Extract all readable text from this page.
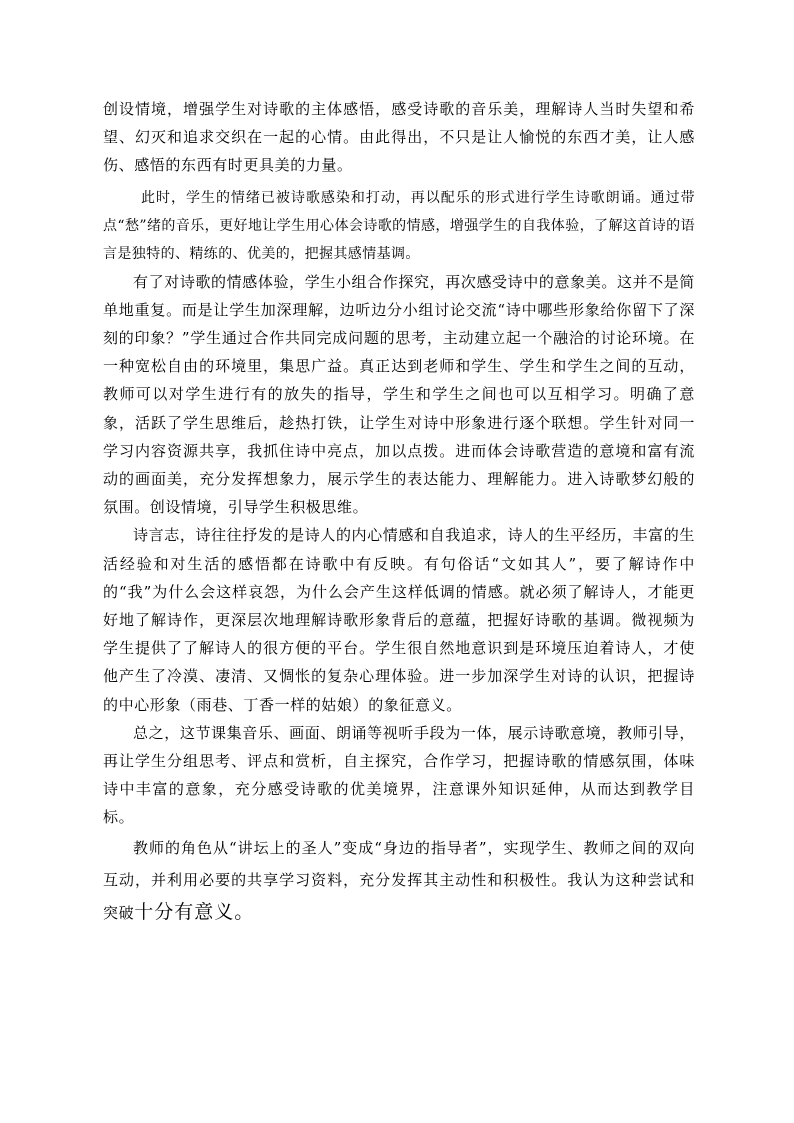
创设情境，增强学生对诗歌的主体感悟，感受诗歌的音乐美，理解诗人当时失望和希望、幻灭和追求交织在一起的心情。由此得出，不只是让人愉悦的东西才美，让人感伤、感悟的东西有时更具美的力量。

此时，学生的情绪已被诗歌感染和打动，再以配乐的形式进行学生诗歌朗诵。通过带点“愁”绪的音乐，更好地让学生用心体会诗歌的情感，增强学生的自我体验，了解这首诗的语言是独特的、精练的、优美的，把握其感情基调。

有了对诗歌的情感体验，学生小组合作探究，再次感受诗中的意象美。这并不是简单地重复。而是让学生加深理解，边听边分小组讨论交流“诗中哪些形象给你留下了深刻的印象？”学生通过合作共同完成问题的思考，主动建立起一个融洽的讨论环境。在一种宽松自由的环境里，集思广益。真正达到老师和学生、学生和学生之间的互动，教师可以对学生进行有的放失的指导，学生和学生之间也可以互相学习。明确了意象，活跃了学生思维后，趁热打铁，让学生对诗中形象进行逐个联想。学生针对同一学习内容资源共享，我抓住诗中亮点，加以点拨。进而体会诗歌营造的意境和富有流动的画面美，充分发挥想象力，展示学生的表达能力、理解能力。进入诗歌梦幻般的氛围。创设情境，引导学生积极思维。

诗言志，诗往往抒发的是诗人的内心情感和自我追求，诗人的生平经历，丰富的生活经验和对生活的感悟都在诗歌中有反映。有句俗话“文如其人”，要了解诗作中的“我”为什么会这样哀怨，为什么会产生这样低调的情感。就必须了解诗人，才能更好地了解诗作，更深层次地理解诗歌形象背后的意蕴，把握好诗歌的基调。微视频为学生提供了了解诗人的很方便的平台。学生很自然地意识到是环境压迫着诗人，才使他产生了冷漠、凄清、又惆怅的复杂心理体验。进一步加深学生对诗的认识，把握诗的中心形象（雨巷、丁香一样的姑娘）的象征意义。

总之，这节课集音乐、画面、朗诵等视听手段为一体，展示诗歌意境，教师引导，再让学生分组思考、评点和赏析，自主探究，合作学习，把握诗歌的情感氛围，体味诗中丰富的意象，充分感受诗歌的优美境界，注意课外知识延伸，从而达到教学目标。

教师的角色从“讲坛上的圣人”变成“身边的指导者”，实现学生、教师之间的双向互动，并利用必要的共享学习资料，充分发挥其主动性和积极性。我认为这种尝试和突破十分有意义。
